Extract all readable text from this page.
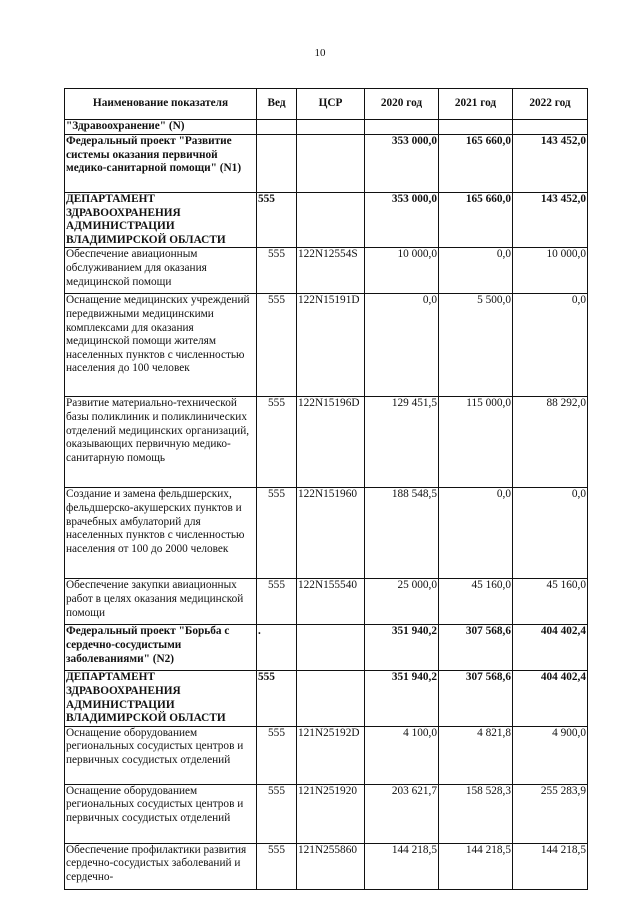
10
Наименование показателя	Вед	ЦСР	2020 год	2021 год	2022 год
"Здравоохранение" (N)					
Федеральный проект "Развитие системы оказания первичной медико-санитарной помощи" (N1)			353 000,0	165 660,0	143 452,0
ДЕПАРТАМЕНТ ЗДРАВООХРАНЕНИЯ АДМИНИСТРАЦИИ ВЛАДИМИРСКОЙ ОБЛАСТИ	555		353 000,0	165 660,0	143 452,0
Обеспечение авиационным обслуживанием для оказания медицинской помощи	555	122N12554S	10 000,0	0,0	10 000,0
Оснащение медицинских учреждений передвижными медицинскими комплексами для оказания медицинской помощи жителям населенных пунктов с численностью населения до 100 человек	555	122N15191D	0,0	5 500,0	0,0
Развитие материально-технической базы поликлиник и поликлинических отделений медицинских организаций, оказывающих первичную медико-санитарную помощь	555	122N15196D	129 451,5	115 000,0	88 292,0
Создание и замена фельдшерских, фельдшерско-акушерских пунктов и врачебных амбулаторий для населенных пунктов с численностью населения от 100 до 2000 человек	555	122N151960	188 548,5	0,0	0,0
Обеспечение закупки авиационных работ в целях оказания медицинской помощи	555	122N155540	25 000,0	45 160,0	45 160,0
Федеральный проект "Борьба с сердечно-сосудистыми заболеваниями" (N2)	.		351 940,2	307 568,6	404 402,4
ДЕПАРТАМЕНТ ЗДРАВООХРАНЕНИЯ АДМИНИСТРАЦИИ ВЛАДИМИРСКОЙ ОБЛАСТИ	555		351 940,2	307 568,6	404 402,4
Оснащение оборудованием региональных сосудистых центров и первичных сосудистых отделений	555	121N25192D	4 100,0	4 821,8	4 900,0
Оснащение оборудованием региональных сосудистых центров и первичных сосудистых отделений	555	121N251920	203 621,7	158 528,3	255 283,9
Обеспечение профилактики развития сердечно-сосудистых заболеваний и сердечно-	555	121N255860	144 218,5	144 218,5	144 218,5
